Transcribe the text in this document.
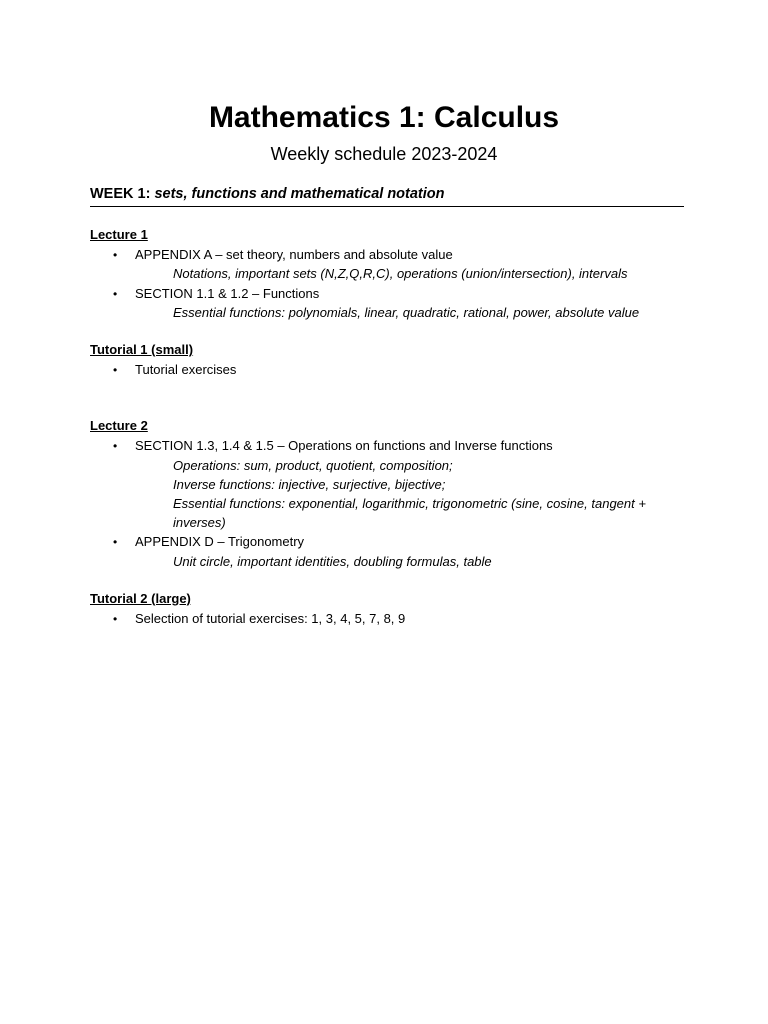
Mathematics 1: Calculus
Weekly schedule 2023-2024
WEEK 1: sets, functions and mathematical notation
Lecture 1
• APPENDIX A – set theory, numbers and absolute value
Notations, important sets (N,Z,Q,R,C), operations (union/intersection), intervals
• SECTION 1.1 & 1.2 – Functions
Essential functions: polynomials, linear, quadratic, rational, power, absolute value
Tutorial 1 (small)
• Tutorial exercises
Lecture 2
• SECTION 1.3, 1.4 & 1.5 – Operations on functions and Inverse functions
Operations: sum, product, quotient, composition;
Inverse functions: injective, surjective, bijective;
Essential functions: exponential, logarithmic, trigonometric (sine, cosine, tangent + inverses)
• APPENDIX D – Trigonometry
Unit circle, important identities, doubling formulas, table
Tutorial 2 (large)
• Selection of tutorial exercises: 1, 3, 4, 5, 7, 8, 9
